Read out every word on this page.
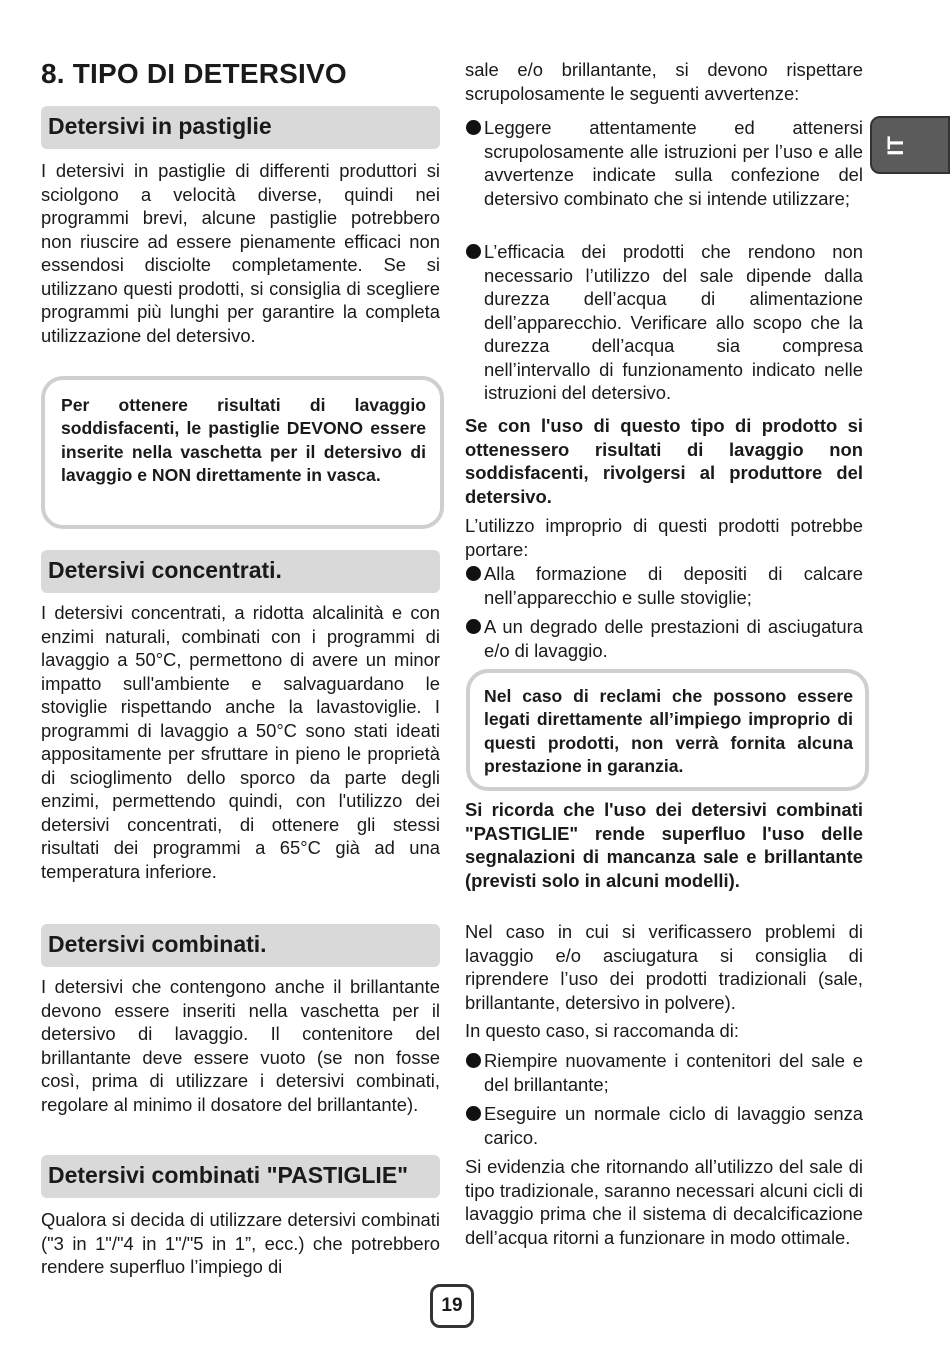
8. TIPO DI DETERSIVO
Detersivi in pastiglie

I detersivi in pastiglie di differenti produttori si sciolgono a velocità diverse, quindi nei programmi brevi, alcune pastiglie potrebbero non riuscire ad essere pienamente efficaci non essendosi disciolte completamente. Se si utilizzano questi prodotti, si consiglia di scegliere programmi più lunghi per garantire la completa utilizzazione del detersivo.

Per ottenere risultati di lavaggio soddisfacenti, le pastiglie DEVONO essere inserite nella vaschetta per il detersivo di lavaggio e NON direttamente in vasca.
Detersivi concentrati.

I detersivi concentrati, a ridotta alcalinità e con enzimi naturali, combinati con i programmi di lavaggio a 50°C, permettono di avere un minor impatto sull'ambiente e salvaguardano le stoviglie rispettando anche la lavastoviglie. I programmi di lavaggio a 50°C sono stati ideati appositamente per sfruttare in pieno le proprietà di scioglimento dello sporco da parte degli enzimi, permettendo quindi, con l'utilizzo dei detersivi concentrati, di ottenere gli stessi risultati dei programmi a 65°C già ad una temperatura inferiore.

Detersivi combinati.

I detersivi che contengono anche il brillantante devono essere inseriti nella vaschetta per il detersivo di lavaggio. Il contenitore del brillantante deve essere vuoto (se non fosse così, prima di utilizzare i detersivi combinati, regolare al minimo il dosatore del brillantante).

Detersivi combinati "PASTIGLIE"

Qualora si decida di utilizzare detersivi combinati ("3 in 1"/"4 in 1"/"5 in 1”, ecc.) che potrebbero rendere superfluo l’impiego di

sale e/o brillantante, si devono rispettare scrupolosamente le seguenti avvertenze:

Leggere attentamente ed attenersi scrupolosamente alle istruzioni per l’uso e alle avvertenze indicate sulla confezione del detersivo combinato che si intende utilizzare;
L’efficacia dei prodotti che rendono non necessario l’utilizzo del sale dipende dalla durezza dell’acqua di alimentazione dell’apparecchio. Verificare allo scopo che la durezza dell’acqua sia compresa nell’intervallo di funzionamento indicato nelle istruzioni del detersivo.

Se con l'uso di questo tipo di prodotto si ottenessero risultati di lavaggio non soddisfacenti, rivolgersi al produttore del detersivo.

L’utilizzo improprio di questi prodotti potrebbe portare:

Alla formazione di depositi di calcare nell’apparecchio e sulle stoviglie;
A un degrado delle prestazioni di asciugatura e/o di lavaggio.
Nel caso di reclami che possono essere legati direttamente all’impiego improprio di questi prodotti, non verrà fornita alcuna prestazione in garanzia.

Si ricorda che l'uso dei detersivi combinati "PASTIGLIE" rende superfluo l'uso delle segnalazioni di mancanza sale e brillantante (previsti solo in alcuni modelli).

Nel caso in cui si verificassero problemi di lavaggio e/o asciugatura si consiglia di riprendere l’uso dei prodotti tradizionali (sale, brillantante, detersivo in polvere).

In questo caso, si raccomanda di:

Riempire nuovamente i contenitori del sale e del brillantante;
Eseguire un normale ciclo di lavaggio senza carico.

Si evidenzia che ritornando all’utilizzo del sale di tipo tradizionale, saranno necessari alcuni cicli di lavaggio prima che il sistema di decalcificazione dell’acqua ritorni a funzionare in modo ottimale.

IT
19
